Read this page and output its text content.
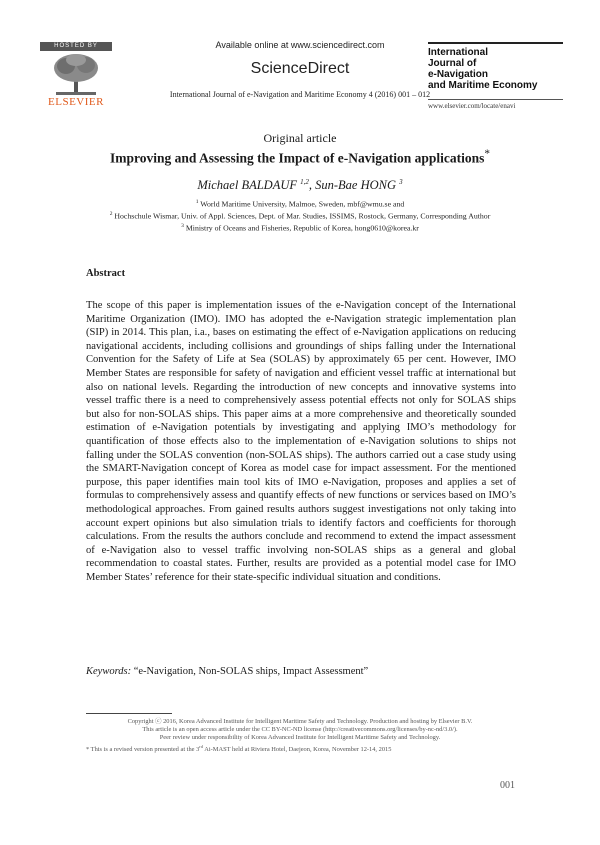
HOSTED BY
ELSEVIER
Available online at www.sciencedirect.com
ScienceDirect
International Journal of e-Navigation and Maritime Economy 4 (2016) 001 – 012
International
Journal of
e-Navigation
and Maritime Economy
www.elsevier.com/locate/enavi
Original article
Improving and Assessing the Impact of e-Navigation applications*
Michael BALDAUF $^{1,2}$, Sun-Bae HONG $^3$
$^1$ World Maritime University, Malmoe, Sweden, mbf@wmu.se and
$^2$ Hochschule Wismar, Univ. of Appl. Sciences, Dept. of Mar. Studies, ISSIMS, Rostock, Germany, Corresponding Author
$^3$ Ministry of Oceans and Fisheries, Republic of Korea, hong0610@korea.kr
Abstract

The scope of this paper is implementation issues of the e-Navigation concept of the International Maritime Organization (IMO). IMO has adopted the e-Navigation strategic implementation plan (SIP) in 2014. This plan, i.a., bases on estimating the effect of e-Navigation applications on reducing navigational accidents, including collisions and groundings of ships falling under the International Convention for the Safety of Life at Sea (SOLAS) by approximately 65 per cent. However, IMO Member States are responsible for safety of navigation and efficient vessel traffic at international but also on national levels. Regarding the introduction of new concepts and innovative systems into vessel traffic there is a need to comprehensively assess potential effects not only for SOLAS ships but also for non-SOLAS ships. This paper aims at a more comprehensive and theoretically sounded estimation of e-Navigation potentials by investigating and applying IMO’s methodology for quantification of those effects also to the implementation of e-Navigation solutions to ships not falling under the SOLAS convention (non-SOLAS ships). The authors carried out a case study using the SMART-Navigation concept of Korea as model case for impact assessment. For the mentioned purpose, this paper identifies main tool kits of IMO e-Navigation, proposes and applies a set of formulas to comprehensively assess and quantify effects of new functions or services based on IMO’s methodological approaches. From gained results authors suggest investigations not only taking into account expert opinions but also simulation trials to identify factors and coefficients for thorough calculations. From the results the authors conclude and recommend to extend the impact assessment of e-Navigation also to vessel traffic involving non-SOLAS ships as a general and global recommendation to coastal states. Further, results are provided as a potential model case for IMO Member States’ reference for their state-specific individual situation and conditions.

Keywords: “e-Navigation, Non-SOLAS ships, Impact Assessment”
Copyright ⓒ 2016, Korea Advanced Institute for Intelligent Maritime Safety and Technology. Production and hosting by Elsevier B.V.
This article is an open access article under the CC BY-NC-ND license (http://creativecommons.org/licenses/by-nc-nd/3.0/).
Peer review under responsibility of Korea Advanced Institute for Intelligent Maritime Safety and Technology.
* This is a revised version presented at the 3rd Ai-MAST held at Riviera Hotel, Daejeon, Korea, November 12-14, 2015
001
